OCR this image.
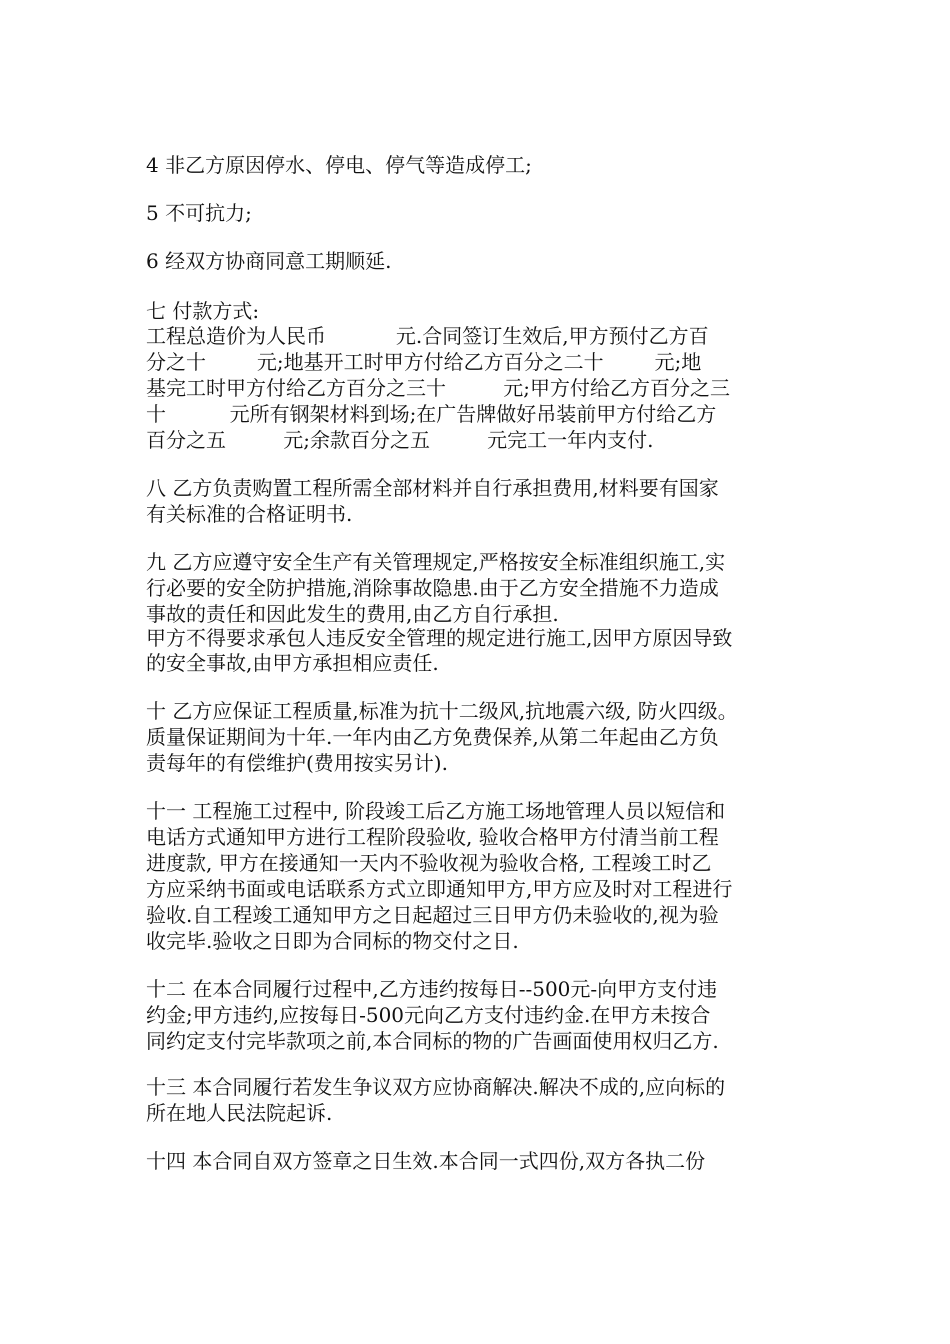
4 非乙方原因停水、停电、停气等造成停工;
5 不可抗力;
6 经双方协商同意工期顺延.
七 付款方式:
工程总造价为人民币           元.合同签订生效后,甲方预付乙方百
分之十        元;地基开工时甲方付给乙方百分之二十        元;地
基完工时甲方付给乙方百分之三十         元;甲方付给乙方百分之三
十          元所有钢架材料到场;在广告牌做好吊装前甲方付给乙方
百分之五         元;余款百分之五         元完工一年内支付.
八 乙方负责购置工程所需全部材料并自行承担费用,材料要有国家
有关标准的合格证明书.
九 乙方应遵守安全生产有关管理规定,严格按安全标准组织施工,实
行必要的安全防护措施,消除事故隐患.由于乙方安全措施不力造成
事故的责任和因此发生的费用,由乙方自行承担.
甲方不得要求承包人违反安全管理的规定进行施工,因甲方原因导致
的安全事故,由甲方承担相应责任.
十 乙方应保证工程质量,标准为抗十二级风,抗地震六级, 防火四级。
质量保证期间为十年.一年内由乙方免费保养,从第二年起由乙方负
责每年的有偿维护(费用按实另计).
十一 工程施工过程中, 阶段竣工后乙方施工场地管理人员以短信和
电话方式通知甲方进行工程阶段验收, 验收合格甲方付清当前工程
进度款, 甲方在接通知一天内不验收视为验收合格, 工程竣工时乙
方应采纳书面或电话联系方式立即通知甲方,甲方应及时对工程进行
验收.自工程竣工通知甲方之日起超过三日甲方仍未验收的,视为验
收完毕.验收之日即为合同标的物交付之日.
十二 在本合同履行过程中,乙方违约按每日--500元-向甲方支付违
约金;甲方违约,应按每日-500元向乙方支付违约金.在甲方未按合
同约定支付完毕款项之前,本合同标的物的广告画面使用权归乙方.
十三 本合同履行若发生争议双方应协商解决.解决不成的,应向标的
所在地人民法院起诉.
十四 本合同自双方签章之日生效.本合同一式四份,双方各执二份
